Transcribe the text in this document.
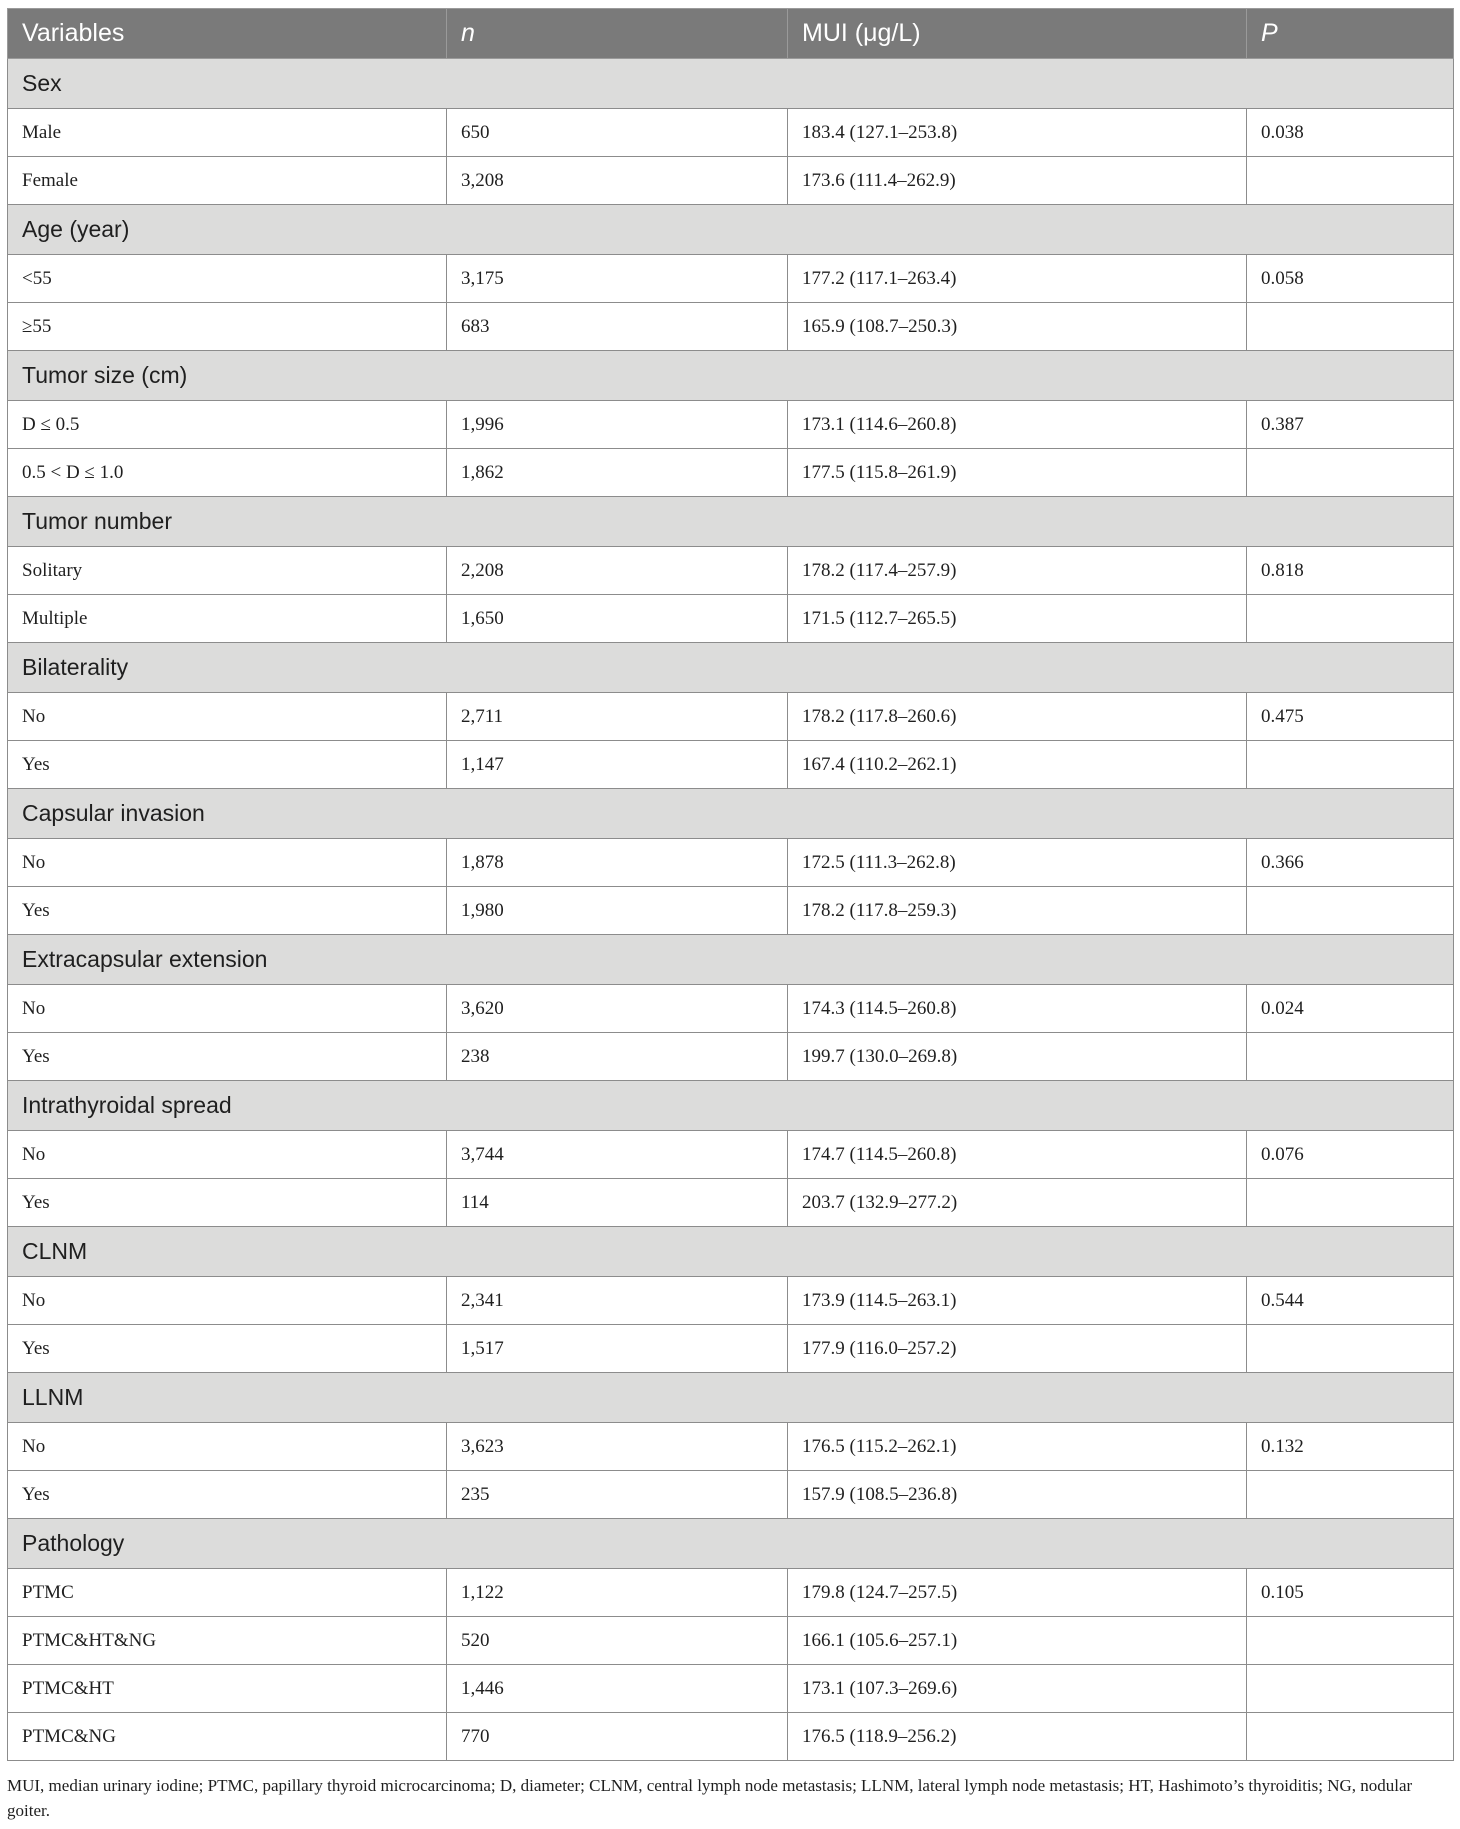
Variables	n	MUI (μg/L)	P
Sex			
Male	650	183.4 (127.1–253.8)	0.038
Female	3,208	173.6 (111.4–262.9)	
Age (year)			
<55	3,175	177.2 (117.1–263.4)	0.058
≥55	683	165.9 (108.7–250.3)	
Tumor size (cm)			
D ≤ 0.5	1,996	173.1 (114.6–260.8)	0.387
0.5 < D ≤ 1.0	1,862	177.5 (115.8–261.9)	
Tumor number			
Solitary	2,208	178.2 (117.4–257.9)	0.818
Multiple	1,650	171.5 (112.7–265.5)	
Bilaterality			
No	2,711	178.2 (117.8–260.6)	0.475
Yes	1,147	167.4 (110.2–262.1)	
Capsular invasion			
No	1,878	172.5 (111.3–262.8)	0.366
Yes	1,980	178.2 (117.8–259.3)	
Extracapsular extension			
No	3,620	174.3 (114.5–260.8)	0.024
Yes	238	199.7 (130.0–269.8)	
Intrathyroidal spread			
No	3,744	174.7 (114.5–260.8)	0.076
Yes	114	203.7 (132.9–277.2)	
CLNM			
No	2,341	173.9 (114.5–263.1)	0.544
Yes	1,517	177.9 (116.0–257.2)	
LLNM			
No	3,623	176.5 (115.2–262.1)	0.132
Yes	235	157.9 (108.5–236.8)	
Pathology			
PTMC	1,122	179.8 (124.7–257.5)	0.105
PTMC&HT&NG	520	166.1 (105.6–257.1)	
PTMC&HT	1,446	173.1 (107.3–269.6)	
PTMC&NG	770	176.5 (118.9–256.2)	
MUI, median urinary iodine; PTMC, papillary thyroid microcarcinoma; D, diameter; CLNM, central lymph node metastasis; LLNM, lateral lymph node metastasis; HT, Hashimoto’s thyroiditis; NG, nodular goiter.
